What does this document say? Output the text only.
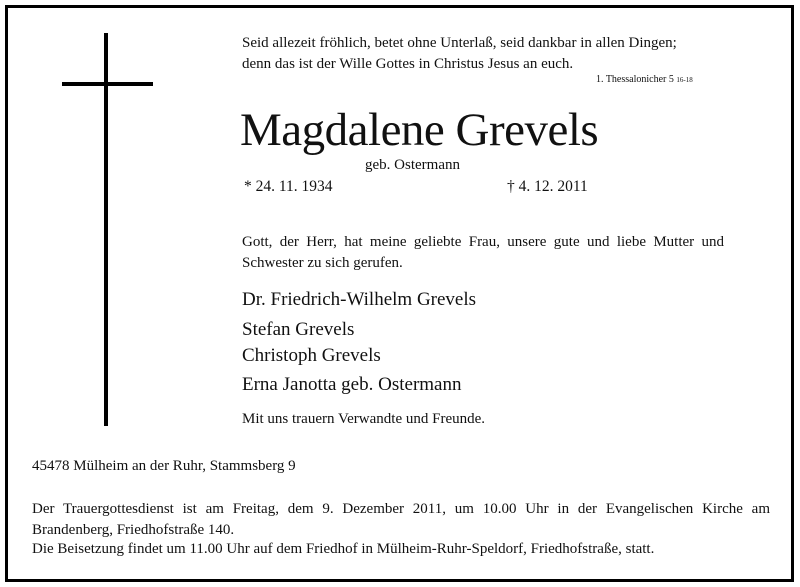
Seid allezeit fröhlich, betet ohne Unterlaß, seid dankbar in allen Dingen;
denn das ist der Wille Gottes in Christus Jesus an euch.
1. Thessalonicher 5 16-18
Magdalene Grevels
geb. Ostermann
* 24. 11. 1934	† 4. 12. 2011
Gott, der Herr, hat meine geliebte Frau, unsere gute und liebe Mutter und Schwester zu sich gerufen.
Dr. Friedrich-Wilhelm Grevels
Stefan Grevels
Christoph Grevels
Erna Janotta geb. Ostermann
Mit uns trauern Verwandte und Freunde.
45478 Mülheim an der Ruhr, Stammsberg 9
Der Trauergottesdienst ist am Freitag, dem 9. Dezember 2011, um 10.00 Uhr in der Evangelischen Kirche am Brandenberg, Friedhofstraße 140.
Die Beisetzung findet um 11.00 Uhr auf dem Friedhof in Mülheim-Ruhr-Speldorf, Friedhofstraße, statt.
